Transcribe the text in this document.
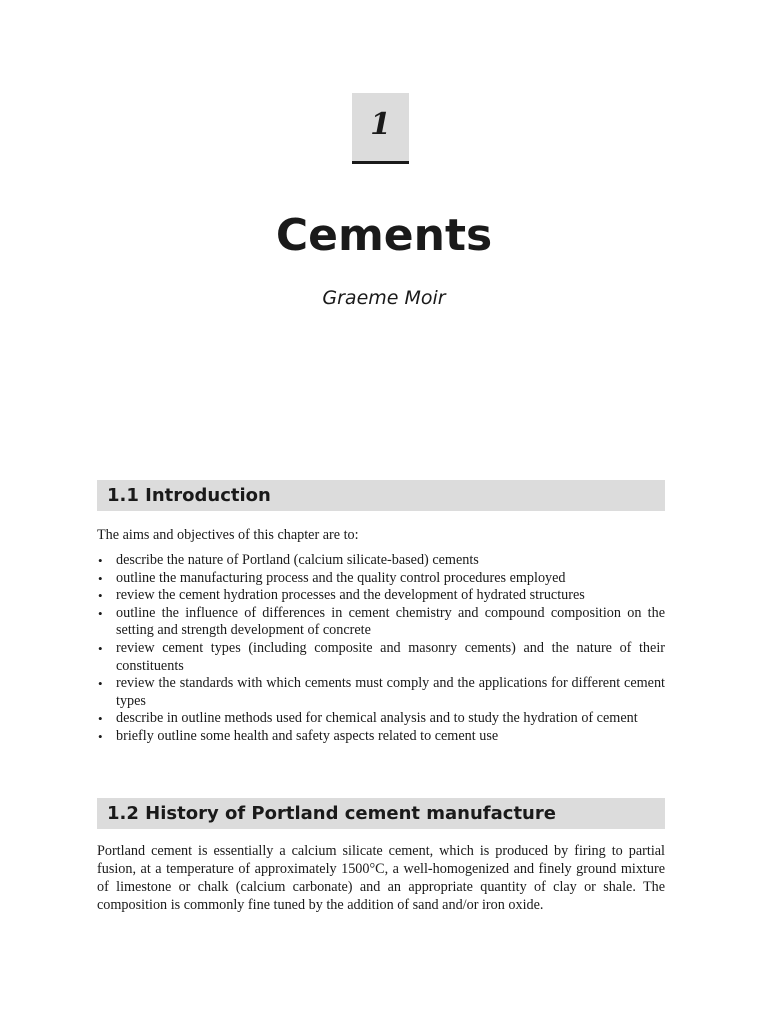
1
Cements
Graeme Moir
1.1 Introduction

The aims and objectives of this chapter are to:

• describe the nature of Portland (calcium silicate-based) cements
• outline the manufacturing process and the quality control procedures employed
• review the cement hydration processes and the development of hydrated structures
• outline the influence of differences in cement chemistry and compound composition on the setting and strength development of concrete
• review cement types (including composite and masonry cements) and the nature of their constituents
• review the standards with which cements must comply and the applications for different cement types
• describe in outline methods used for chemical analysis and to study the hydration of cement
• briefly outline some health and safety aspects related to cement use
1.2 History of Portland cement manufacture

Portland cement is essentially a calcium silicate cement, which is produced by firing to partial fusion, at a temperature of approximately 1500°C, a well-homogenized and finely ground mixture of limestone or chalk (calcium carbonate) and an appropriate quantity of clay or shale. The composition is commonly fine tuned by the addition of sand and/or iron oxide.
